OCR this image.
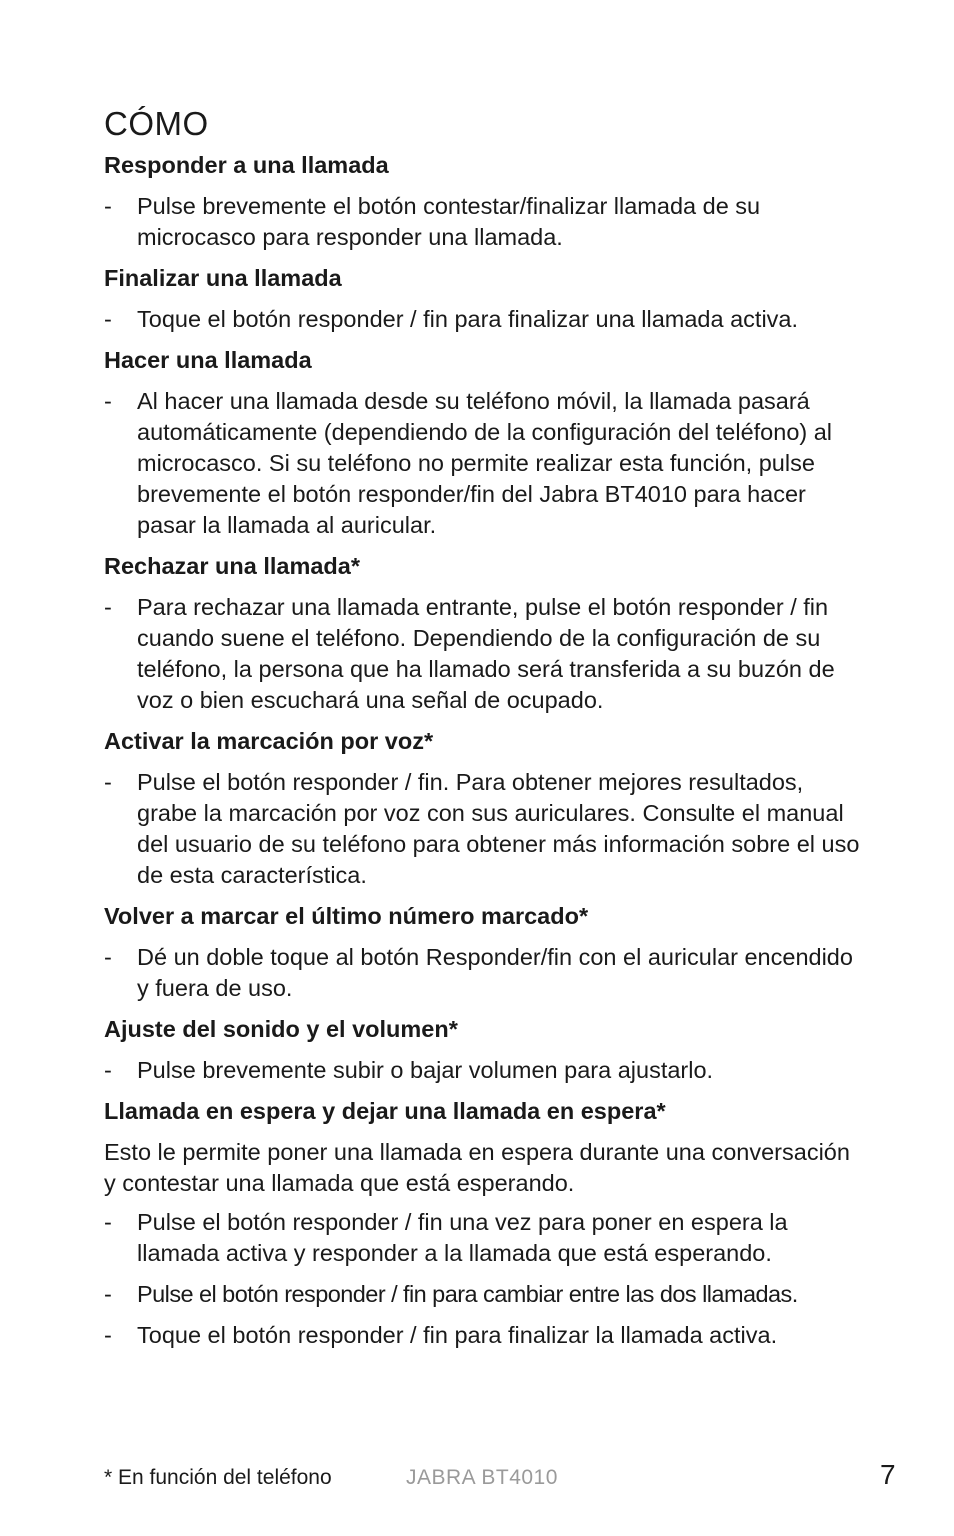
CÓMO
Responder a una llamada
-	Pulse brevemente el botón contestar/finalizar llamada de su microcasco para responder una llamada.
Finalizar una llamada
-	Toque el botón responder / fin para finalizar una llamada activa.
Hacer una llamada
-	Al hacer una llamada desde su teléfono móvil, la llamada pasará automáticamente (dependiendo de la configuración del teléfono) al microcasco. Si su teléfono no permite realizar esta función, pulse brevemente el botón responder/fin del Jabra BT4010 para hacer pasar la llamada al auricular.
Rechazar una llamada*
-	Para rechazar una llamada entrante, pulse el botón responder / fin cuando suene el teléfono. Dependiendo de la configuración de su teléfono, la persona que ha llamado será transferida a su buzón de voz o bien escuchará una señal de ocupado.
Activar la marcación por voz*
-	Pulse el botón responder / fin. Para obtener mejores resultados, grabe la marcación por voz con sus auriculares. Consulte el manual del usuario de su teléfono para obtener más información sobre el uso de esta característica.
Volver a marcar el último número marcado*
-	Dé un doble toque al botón Responder/fin con el auricular encendido y fuera de uso.
Ajuste del sonido y el volumen*
-	Pulse brevemente subir o bajar volumen para ajustarlo.
Llamada en espera y dejar una llamada en espera*

Esto le permite poner una llamada en espera durante una conversación y contestar una llamada que está esperando.

-	Pulse el botón responder / fin una vez para poner en espera la llamada activa y responder a la llamada que está esperando.
-	Pulse el botón responder / fin para cambiar entre las dos llamadas.
-	Toque el botón responder / fin para finalizar la llamada activa.
* En función del teléfono	JABRA BT4010	7
